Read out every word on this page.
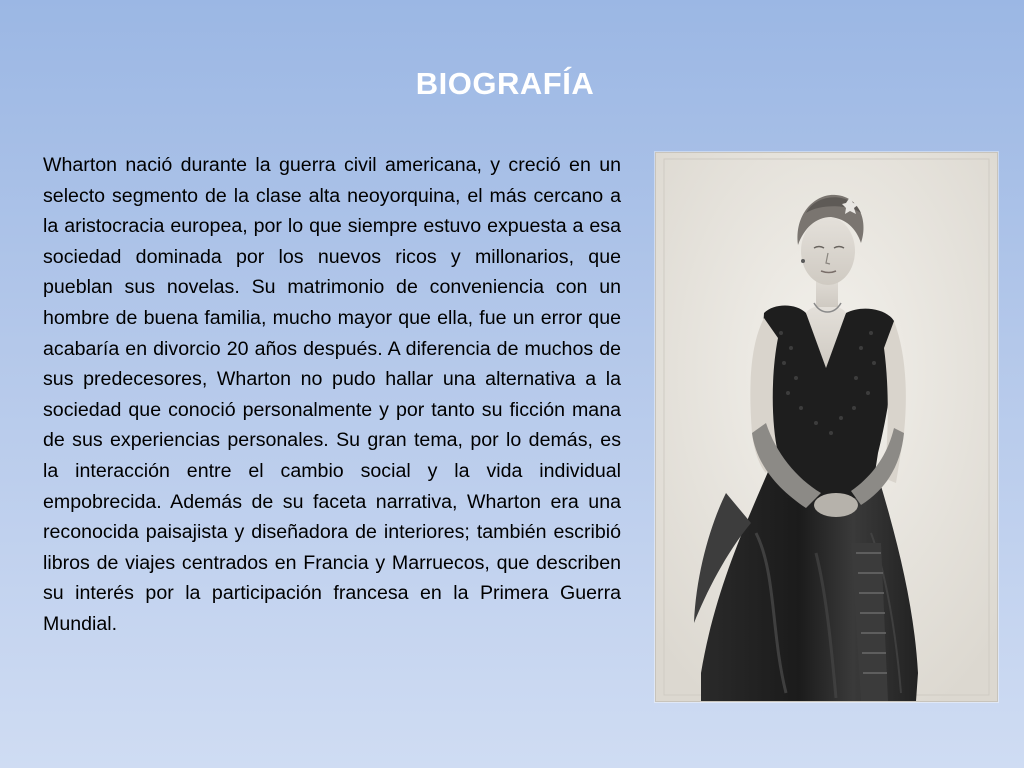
BIOGRAFÍA

Wharton nació durante la guerra civil americana, y creció en un selecto segmento de la clase alta neoyorquina, el más cercano a la aristocracia europea, por lo que siempre estuvo expuesta a esa sociedad dominada por los nuevos ricos y millonarios, que pueblan sus novelas. Su matrimonio de conveniencia con un hombre de buena familia, mucho mayor que ella, fue un error que acabaría en divorcio 20 años después. A diferencia de muchos de sus predecesores, Wharton no pudo hallar una alternativa a la sociedad que conoció personalmente y por tanto su ficción mana de sus experiencias personales. Su gran tema, por lo demás, es la interacción entre el cambio social y la vida individual empobrecida. Además de su faceta narrativa, Wharton era una reconocida paisajista y diseñadora de interiores; también escribió libros de viajes centrados en Francia y Marruecos, que describen su interés por la participación francesa en la Primera Guerra Mundial.
